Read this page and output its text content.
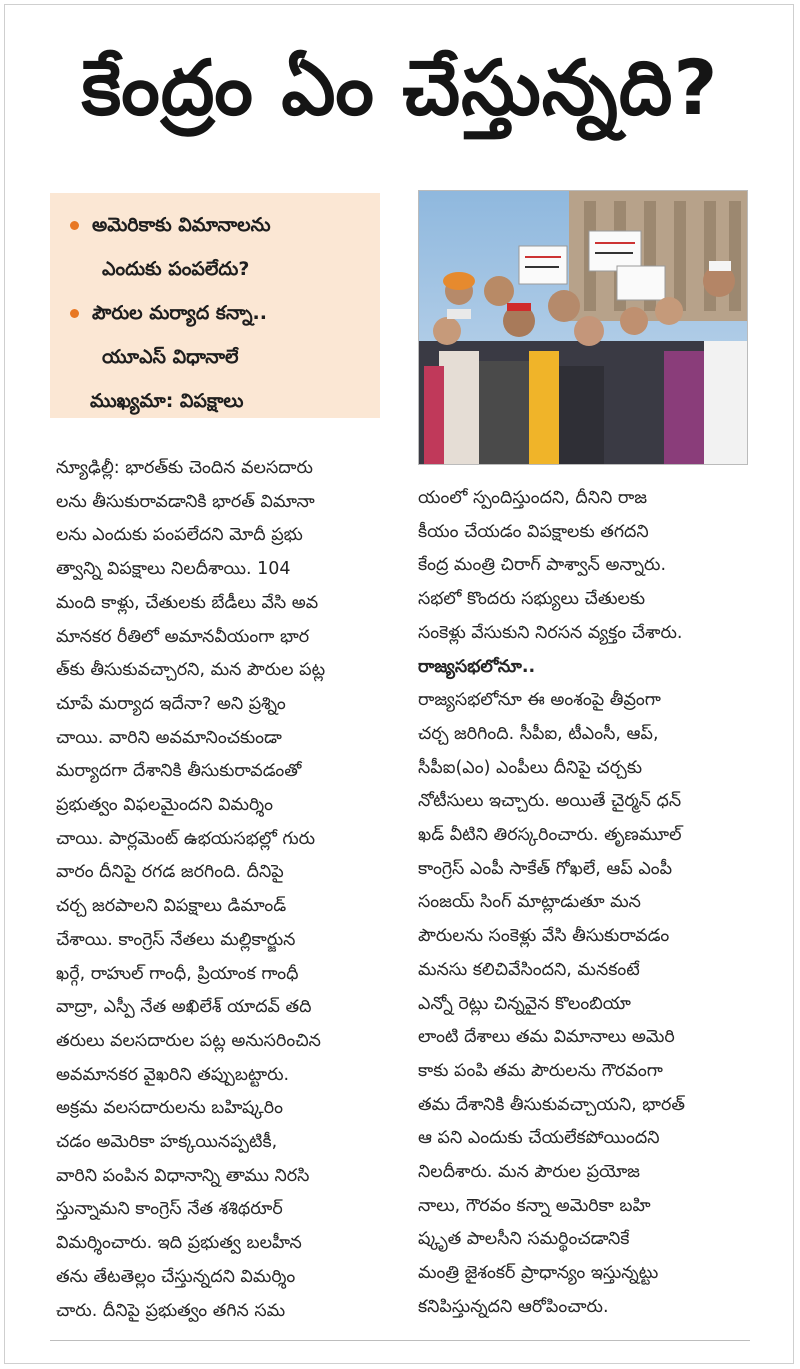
కేంద్రం ఏం చేస్తున్నది?
అమెరికాకు విమానాలను
ఎందుకు పంపలేదు?
పౌరుల మర్యాద కన్నా..
యూఎస్ విధానాలే
ముఖ్యమా: విపక్షాలు
న్యూఢిల్లీ: భారత్‌కు చెందిన వలసదారు
లను తీసుకురావడానికి భారత్ విమానా
లను ఎందుకు పంపలేదని మోదీ ప్రభు
త్వాన్ని విపక్షాలు నిలదీశాయి. 104
మంది కాళ్లు, చేతులకు బేడీలు వేసి అవ
మానకర రీతిలో అమానవీయంగా భార
త్‌కు తీసుకువచ్చారని, మన పౌరుల పట్ల
చూపే మర్యాద ఇదేనా? అని ప్రశ్నిం
చాయి. వారిని అవమానించకుండా
మర్యాదగా దేశానికి తీసుకురావడంతో
ప్రభుత్వం విఫలమైందని విమర్శిం
చాయి. పార్లమెంట్ ఉభయసభల్లో గురు
వారం దీనిపై రగడ జరగింది. దీనిపై
చర్చ జరపాలని విపక్షాలు డిమాండ్
చేశాయి. కాంగ్రెస్ నేతలు మల్లికార్జున
ఖర్గే, రాహుల్ గాంధీ, ప్రియాంక గాంధీ
వాద్రా, ఎస్పీ నేత అఖిలేశ్ యాదవ్ తది
తరులు వలసదారుల పట్ల అనుసరించిన
అవమానకర వైఖరిని తప్పుబట్టారు.
అక్రమ వలసదారులను బహిష్కరిం
చడం అమెరికా హక్కయినప్పటికీ,
వారిని పంపిన విధానాన్ని తాము నిరసి
స్తున్నామని కాంగ్రెస్ నేత శశిథరూర్
విమర్శించారు. ఇది ప్రభుత్వ బలహీన
తను తేటతెల్లం చేస్తున్నదని విమర్శిం
చారు. దీనిపై ప్రభుత్వం తగిన సమ
యంలో స్పందిస్తుందని, దీనిని రాజ
కీయం చేయడం విపక్షాలకు తగదని
కేంద్ర మంత్రి చిరాగ్ పాశ్వాన్ అన్నారు.
సభలో కొందరు సభ్యులు చేతులకు
సంకెళ్లు వేసుకుని నిరసన వ్యక్తం చేశారు.
రాజ్యసభలోనూ..
రాజ్యసభలోనూ ఈ అంశంపై తీవ్రంగా
చర్చ జరిగింది. సీపీఐ, టీఎంసీ, ఆప్,
సీపీఐ(ఎం) ఎంపీలు దీనిపై చర్చకు
నోటీసులు ఇచ్చారు. అయితే చైర్మన్ ధన్
ఖడ్ వీటిని తిరస్కరించారు. తృణమూల్
కాంగ్రెస్ ఎంపీ సాకేత్ గోఖలే, ఆప్ ఎంపీ
సంజయ్ సింగ్ మాట్లాడుతూ మన
పౌరులను సంకెళ్లు వేసి తీసుకురావడం
మనసు కలిచివేసిందని, మనకంటే
ఎన్నో రెట్లు చిన్నవైన కొలంబియా
లాంటి దేశాలు తమ విమానాలు అమెరి
కాకు పంపి తమ పౌరులను గౌరవంగా
తమ దేశానికి తీసుకువచ్చాయని, భారత్
ఆ పని ఎందుకు చేయలేకపోయిందని
నిలదీశారు. మన పౌరుల ప్రయోజ
నాలు, గౌరవం కన్నా అమెరికా బహి
ష్కృత పాలసీని సమర్థించడానికే
మంత్రి జైశంకర్ ప్రాధాన్యం ఇస్తున్నట్టు
కనిపిస్తున్నదని ఆరోపించారు.
